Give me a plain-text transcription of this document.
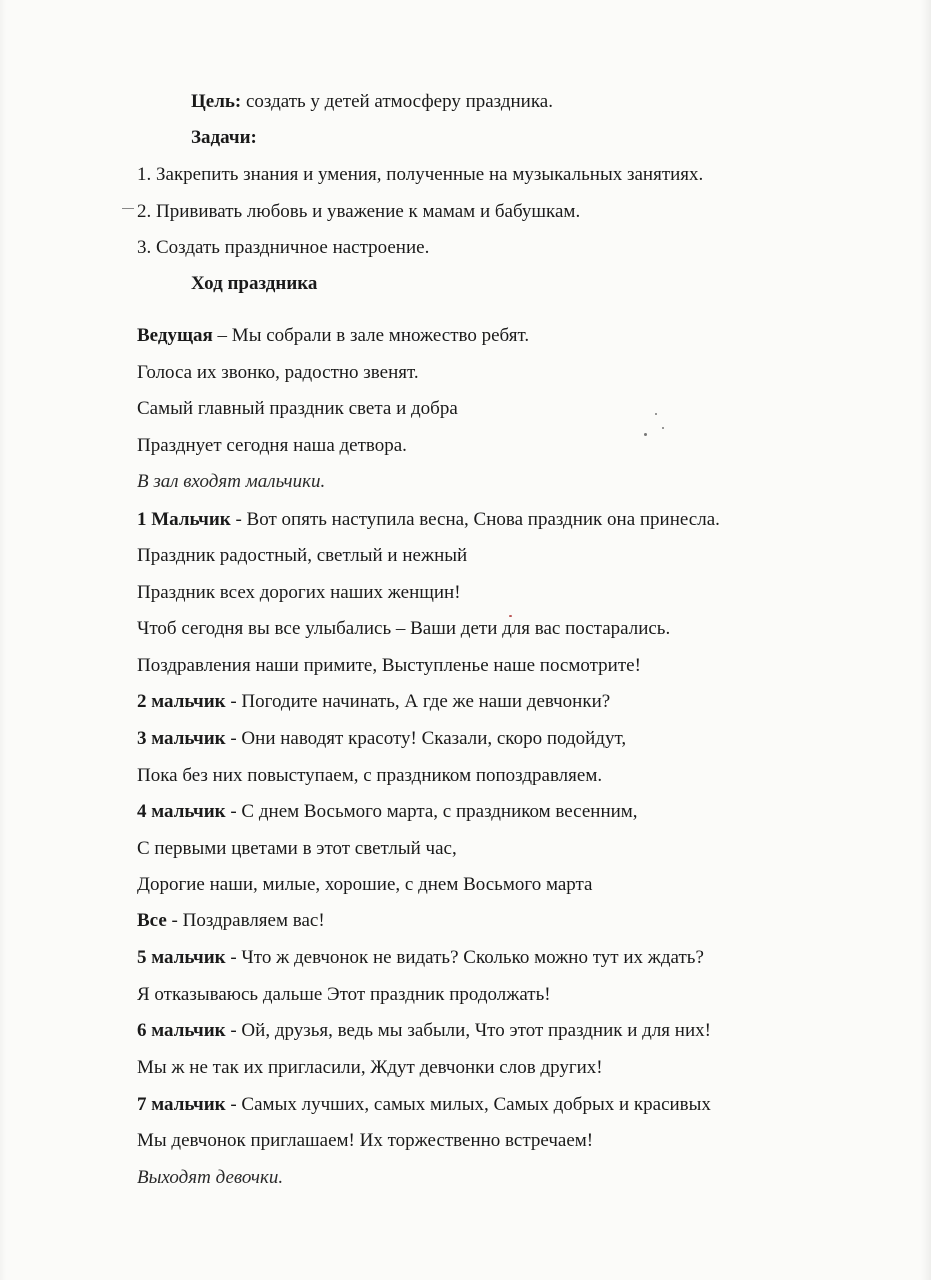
Цель: создать у детей атмосферу праздника.
Задачи:
1. Закрепить знания и умения, полученные на музыкальных занятиях.
2. Прививать любовь и уважение к мамам и бабушкам.
3. Создать праздничное настроение.
Ход праздника
Ведущая – Мы собрали в зале множество ребят.
Голоса их звонко, радостно звенят.
Самый главный праздник света и добра
Празднует сегодня наша детвора.
В зал входят мальчики.
1 Мальчик - Вот опять наступила весна, Снова праздник она принесла.
Праздник радостный, светлый и нежный
Праздник всех дорогих наших женщин!
Чтоб сегодня вы все улыбались – Ваши дети для вас постарались.
Поздравления наши примите, Выступленье наше посмотрите!
2 мальчик - Погодите начинать, А где же наши девчонки?
3 мальчик - Они наводят красоту! Сказали, скоро подойдут,
Пока без них повыступаем, с праздником попоздравляем.
4 мальчик - С днем Восьмого марта, с праздником весенним,
С первыми цветами в этот светлый час,
Дорогие наши, милые, хорошие, с днем Восьмого марта
Все - Поздравляем вас!
5 мальчик - Что ж девчонок не видать? Сколько можно тут их ждать?
Я отказываюсь дальше Этот праздник продолжать!
6 мальчик - Ой, друзья, ведь мы забыли, Что этот праздник и для них!
Мы ж не так их пригласили, Ждут девчонки слов других!
7 мальчик - Самых лучших, самых милых, Самых добрых и красивых
Мы девчонок приглашаем! Их торжественно встречаем!
Выходят девочки.
